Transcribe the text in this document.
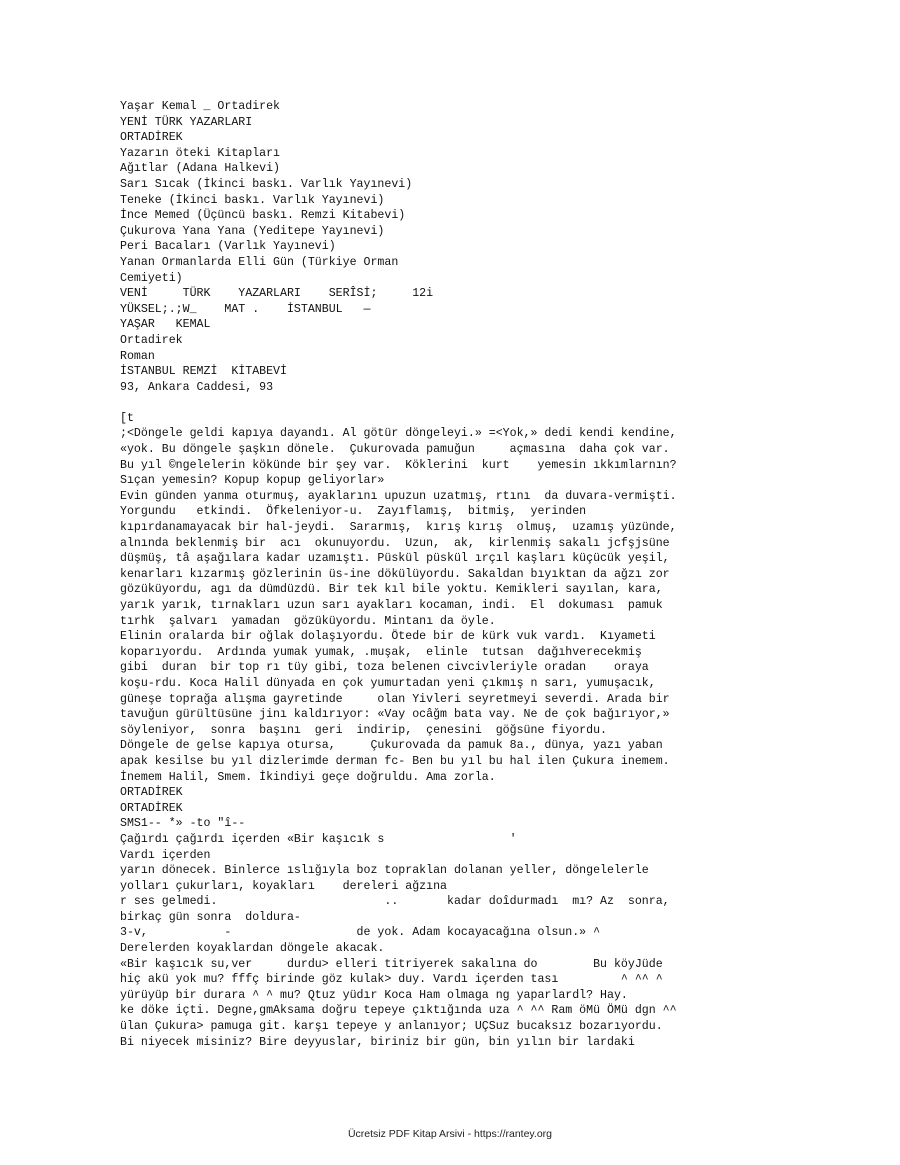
Yaşar Kemal _ Ortadirek
YENİ TÜRK YAZARLARI
ORTADİREK
Yazarın öteki Kitapları
Ağıtlar (Adana Halkevi)
Sarı Sıcak (İkinci baskı. Varlık Yayınevi)
Teneke (İkinci baskı. Varlık Yayınevi)
İnce Memed (Üçüncü baskı. Remzi Kitabevi)
Çukurova Yana Yana (Yeditepe Yayınevi)
Peri Bacaları (Varlık Yayınevi)
Yanan Ormanlarda Elli Gün (Türkiye Orman
Cemiyeti)
VENİ     TÜRK    YAZARLARI    SERÎSİ;     12i
YÜKSEL;.;W_    MAT .    İSTANBUL   —
YAŞAR   KEMAL
Ortadirek
Roman
İSTANBUL REMZİ  KİTABEVİ
93, Ankara Caddesi, 93
[t
;<Döngele geldi kapıya dayandı. Al götür döngeleyi.» =<Yok,» dedi kendi kendine,
«yok. Bu döngele şaşkın dönele.  Çukurovada pamuğun     açmasına  daha çok var.
Bu yıl ©ngelelerin kökünde bir şey var.  Köklerini  kurt    yemesin ıkkımlarnın?
Sıçan yemesin? Kopup kopup geliyorlar»
Evin günden yanma oturmuş, ayaklarını upuzun uzatmış, rtını  da duvara-vermişti.
Yorgundu   etkindi.  Öfkeleniyor-u.  Zayıflamış,  bitmiş,  yerinden
kıpırdanamayacak bir hal-jeydi.  Sararmış,  kırış kırış  olmuş,  uzamış yüzünde,
alnında beklenmiş bir  acı  okunuyordu.  Uzun,  ak,  kirlenmiş sakalı jcfşjsüne
düşmüş, tâ aşağılara kadar uzamıştı. Püskül püskül ırçıl kaşları küçücük yeşil,
kenarları kızarmış gözlerinin üs-ine dökülüyordu. Sakaldan bıyıktan da ağzı zor
gözüküyordu, agı da dümdüzdü. Bir tek kıl bile yoktu. Kemikleri sayılan, kara,
yarık yarık, tırnakları uzun sarı ayakları kocaman, indi.  El  dokuması  pamuk
tırhk  şalvarı  yamadan  gözüküyordu. Mintanı da öyle.
Elinin oralarda bir oğlak dolaşıyordu. Ötede bir de kürk vuk vardı.  Kıyameti
koparıyordu.  Ardında yumak yumak, .muşak,  elinle  tutsan  dağıhverecekmiş
gibi  duran  bir top rı tüy gibi, toza belenen civcivleriyle oradan    oraya
koşu-rdu. Koca Halil dünyada en çok yumurtadan yeni çıkmış n sarı, yumuşacık,
güneşe toprağa alışma gayretinde     olan Yivleri seyretmeyi severdi. Arada bir
tavuğun gürültüsüne jinı kaldırıyor: «Vay ocâğm bata vay. Ne de çok bağırıyor,»
söyleniyor,  sonra  başını  geri  indirip,  çenesini  göğsüne fiyordu.
Döngele de gelse kapıya otursa,     Çukurovada da pamuk 8a., dünya, yazı yaban
apak kesilse bu yıl dizlerimde derman fc- Ben bu yıl bu hal ilen Çukura inemem.
İnemem Halil, Smem. İkindiyi geçe doğruldu. Ama zorla.
ORTADİREK
ORTADİREK
SMS1-- *» -to "î--
Çağırdı çağırdı içerden «Bir kaşıcık s                  '
Vardı içerden
yarın dönecek. Binlerce ıslığıyla boz topraklan dolanan yeller, döngelelerle
yolları çukurları, koyakları    dereleri ağzına
r ses gelmedi.                        ..       kadar doîdurmadı  mı? Az  sonra,
birkaç gün sonra  doldura-
3-v,           -                  de yok. Adam kocayacağına olsun.» ^
Derelerden koyaklardan döngele akacak.
«Bir kaşıcık su,ver     durdu> elleri titriyerek sakalına do        Bu köyJüde
hiç akü yok mu? fffç birinde göz kulak> duy. Vardı içerden tası         ^ ^^ ^
yürüyüp bir durara ^ ^ mu? Qtuz yüdır Koca Ham olmaga ng yaparlardl? Hay.
ke döke içti. Degne,gmAksama doğru tepeye çıktığında uza ^ ^^ Ram öMü ÖMü dgn ^^
ülan Çukura> pamuga git. karşı tepeye y anlanıyor; UÇSuz bucaksız bozarıyordu.
Bi niyecek misiniz? Bire deyyuslar, biriniz bir gün, bin yılın bir lardaki
Ücretsiz PDF Kitap Arsivi - https://rantey.org
